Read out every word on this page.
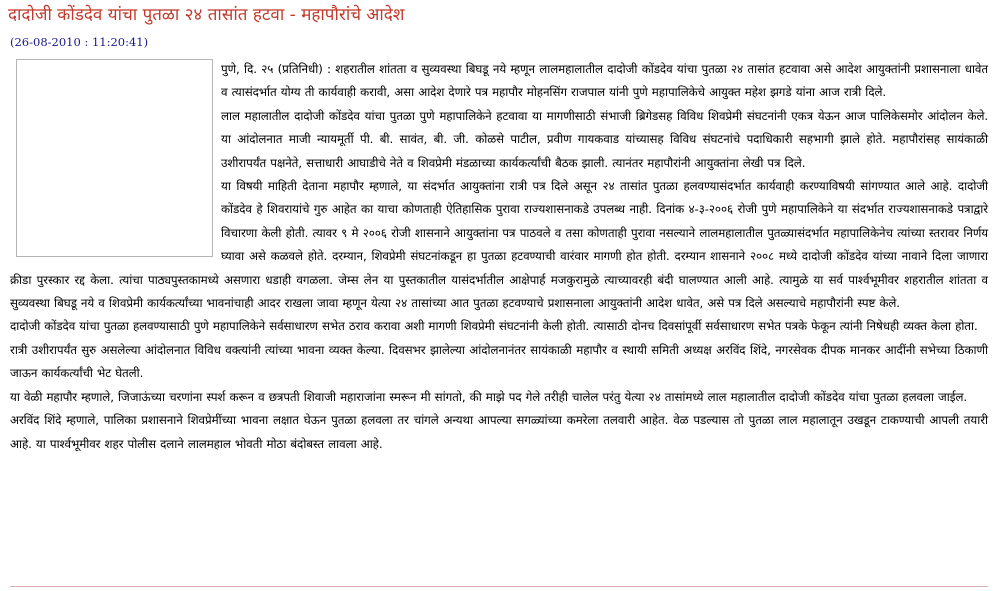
दादोजी कोंडदेव यांचा पुतळा २४ तासांत हटवा - महापौरांचे आदेश
(26-08-2010 : 11:20:41)

पुणे, दि. २५ (प्रतिनिधी) : शहरातील शांतता व सुव्यवस्था बिघडू नये म्हणून लालमहालातील दादोजी कोंडदेव यांचा पुतळा २४ तासांत हटवावा असे आदेश आयुक्तांनी प्रशासनाला धावेत व त्यासंदर्भात योग्य ती कार्यवाही करावी, असा आदेश देणारे पत्र महापौर मोहनसिंग राजपाल यांनी पुणे महापालिकेचे आयुक्त महेश झगडे यांना आज रात्री दिले.

लाल महालातील दादोजी कोंडदेव यांचा पुतळा पुणे महापालिकेने हटवावा या मागणीसाठी संभाजी ब्रिगेडसह विविध शिवप्रेमी संघटनांनी एकत्र येऊन आज पालिकेसमोर आंदोलन केले. या आंदोलनात माजी न्यायमूर्ती पी. बी. सावंत, बी. जी. कोळसे पाटील, प्रवीण गायकवाड यांच्यासह विविध संघटनांचे पदाधिकारी सहभागी झाले होते. महापौरांसह सायंकाळी उशीरापर्यंत पक्षनेते, सत्ताधारी आघाडीचे नेते व शिवप्रेमी मंडळाच्या कार्यकर्त्यांची बैठक झाली. त्यानंतर महापौरांनी आयुक्तांना लेखी पत्र दिले.

या विषयी माहिती देताना महापौर म्हणाले, या संदर्भात आयुक्तांना रात्री पत्र दिले असून २४ तासांत पुतळा हलवण्यासंदर्भात कार्यवाही करण्याविषयी सांगण्यात आले आहे. दादोजी कोंडदेव हे शिवरायांचे गुरु आहेत का याचा कोणताही ऐतिहासिक पुरावा राज्यशासनाकडे उपलब्ध नाही. दिनांक ४-३-२००६ रोजी पुणे महापालिकेने या संदर्भात राज्यशासनाकडे पत्राद्वारे विचारणा केली होती. त्यावर ९ मे २००६ रोजी शासनाने आयुक्तांना पत्र पाठवले व तसा कोणताही पुरावा नसल्याने लालमहालातील पुतळ्यासंदर्भात महापालिकेनेच त्यांच्या स्तरावर निर्णय घ्यावा असे कळवले होते. दरम्यान, शिवप्रेमी संघटनांकडून हा पुतळा हटवण्याची वारंवार मागणी होत होती. दरम्यान शासनाने २००८ मध्ये दादोजी कोंडदेव यांच्या नावाने दिला जाणारा क्रीडा पुरस्कार रद्द केला. त्यांचा पाठ्यपुस्तकामध्ये असणारा धडाही वगळला. जेम्स लेन या पुस्तकातील यासंदर्भातील आक्षेपार्ह मजकुरामुळे त्याच्यावरही बंदी घालण्यात आली आहे. त्यामुळे या सर्व पार्श्वभूमीवर शहरातील शांतता व सुव्यवस्था बिघडू नये व शिवप्रेमी कार्यकर्त्यांच्या भावनांचाही आदर राखला जावा म्हणून येत्या २४ तासांच्या आत पुतळा हटवण्याचे प्रशासनाला आयुक्तांनी आदेश धावेत, असे पत्र दिले असल्याचे महापौरांनी स्पष्ट केले.

दादोजी कोंडदेव यांचा पुतळा हलवण्यासाठी पुणे महापालिकेने सर्वसाधारण सभेत ठराव करावा अशी मागणी शिवप्रेमी संघटनांनी केली होती. त्यासाठी दोनच दिवसांपूर्वी सर्वसाधारण सभेत पत्रके फेकून त्यांनी निषेधही व्यक्त केला होता.

रात्री उशीरापर्यंत सुरु असलेल्या आंदोलनात विविध वक्त्यांनी त्यांच्या भावना व्यक्त केल्या. दिवसभर झालेल्या आंदोलनानंतर सायंकाळी महापौर व स्थायी समिती अध्यक्ष अरविंद शिंदे, नगरसेवक दीपक मानकर आदींनी सभेच्या ठिकाणी जाऊन कार्यकर्त्यांची भेट घेतली.

या वेळी महापौर म्हणाले, जिजाऊंच्या चरणांना स्पर्श करून व छत्रपती शिवाजी महाराजांना स्मरून मी सांगतो, की माझे पद गेले तरीही चालेल परंतु येत्या २४ तासांमध्ये लाल महालातील दादोजी कोंडदेव यांचा पुतळा हलवला जाईल.

अरविंद शिंदे म्हणाले, पालिका प्रशासनाने शिवप्रेमींच्या भावना लक्षात घेऊन पुतळा हलवला तर चांगले अन्यथा आपल्या सगळ्यांच्या कमरेला तलवारी आहेत. वेळ पडल्यास तो पुतळा लाल महालातून उखडून टाकण्याची आपली तयारी आहे. या पार्श्वभूमीवर शहर पोलीस दलाने लालमहाल भोवती मोठा बंदोबस्त लावला आहे.
